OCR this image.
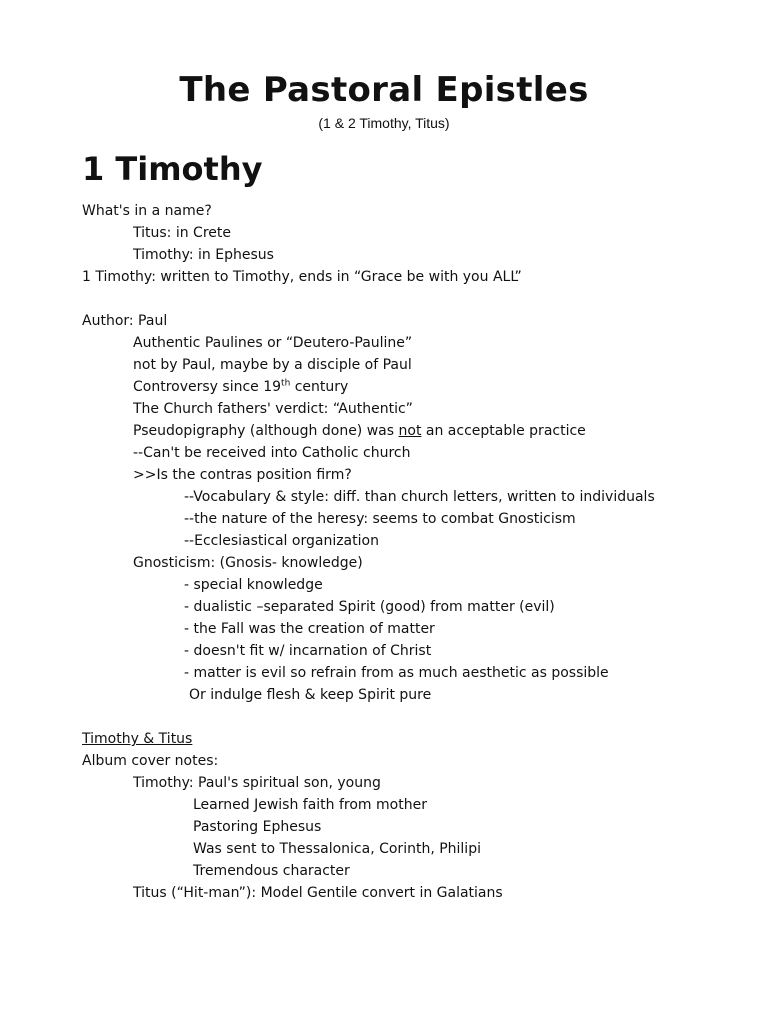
The Pastoral Epistles
(1 & 2 Timothy, Titus)
1 Timothy
What's in a name?
Titus: in Crete
Timothy: in Ephesus
1 Timothy: written to Timothy, ends in “Grace be with you ALL”
Author: Paul
Authentic Paulines or “Deutero-Pauline”
not by Paul, maybe by a disciple of Paul
Controversy since 19th century
The Church fathers' verdict: “Authentic”
Pseudopigraphy (although done) was not an acceptable practice
--Can't be received into Catholic church
>>Is the contras position firm?
--Vocabulary & style: diff. than church letters, written to individuals
--the nature of the heresy: seems to combat Gnosticism
--Ecclesiastical organization
Gnosticism: (Gnosis- knowledge)
- special knowledge
- dualistic –separated Spirit (good) from matter (evil)
- the Fall was the creation of matter
- doesn't fit w/ incarnation of Christ
- matter is evil so refrain from as much aesthetic as possible
Or indulge flesh & keep Spirit pure
Timothy & Titus
Album cover notes:
Timothy: Paul's spiritual son, young
Learned Jewish faith from mother
Pastoring Ephesus
Was sent to Thessalonica, Corinth, Philipi
Tremendous character
Titus (“Hit-man”): Model Gentile convert in Galatians
